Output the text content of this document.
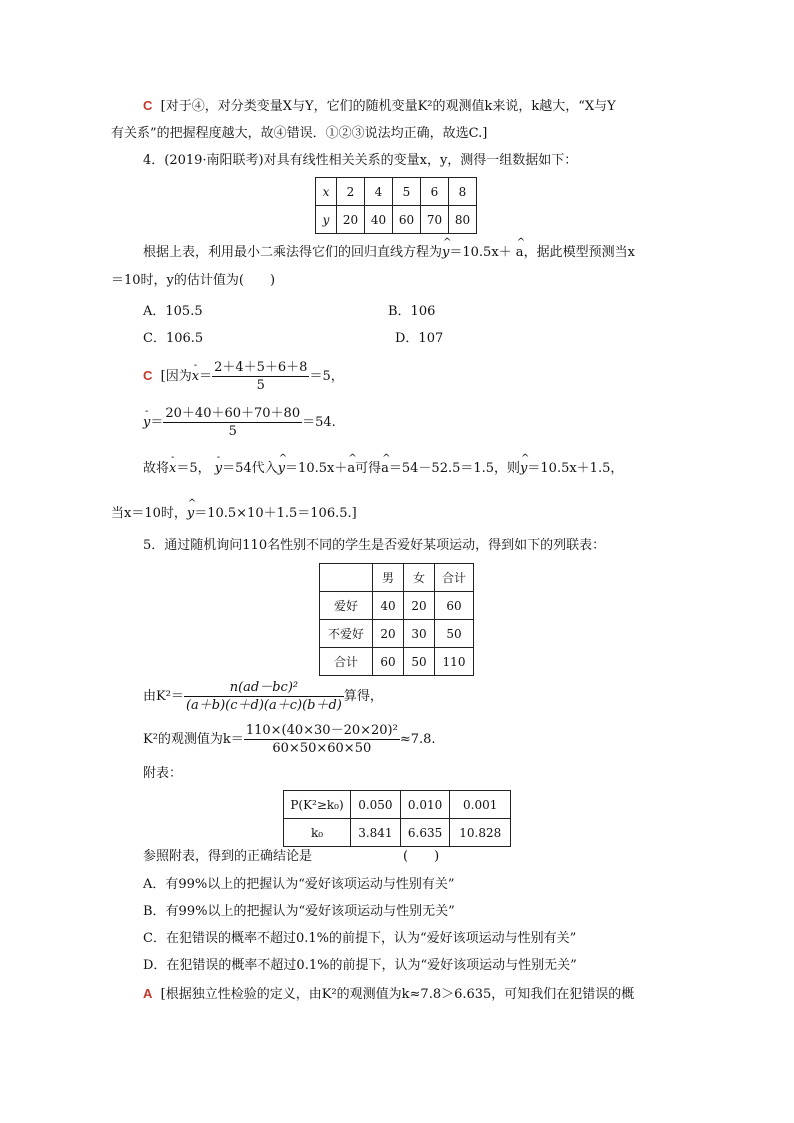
C [对于④，对分类变量X与Y，它们的随机变量K²的观测值k来说，k越大，“X与Y
有关系”的把握程度越大，故④错误．①②③说法均正确，故选C.]
4．(2019·南阳联考)对具有线性相关关系的变量x，y，测得一组数据如下：
x	2	4	5	6	8
y	20	40	60	70	80
根据上表，利用最小二乘法得它们的回归直线方程为^ y＝10.5x＋ ^ a，据此模型预测当x
＝10时，y的估计值为(　　)
A．105.5	B．106
C．106.5	D．107
C [因为- $x= \frac{2+4+5+6+8}{5} =5$，
- $y= \frac{20+40+60+70+80}{5} =54$.
故将- x＝5， - y＝54代入^ y＝10.5x＋^ a可得^ a＝54－52.5＝1.5，则^ y＝10.5x＋1.5，
当x＝10时，^ y＝10.5×10＋1.5＝106.5.]
5．通过随机询问110名性别不同的学生是否爱好某项运动，得到如下的列联表：
	男	女	合计
爱好	40	20	60
不爱好	20	30	50
合计	60	50	110
由$K^2= \frac{\text{n(ad－bc)²}}{(a+b)(c+d)(a+c)(b+d)}$ 算得，
K²的观测值为$k= \frac{\text{110×(40×30－20×20)²}}{60\times 50\times 60\times 50} \approx 7.8$.
附表：
P(K²≥k₀)	0.050	0.010	0.001
k₀	3.841	6.635	10.828
参照附表，得到的正确结论是　　　　　　　(　　)
A．有99%以上的把握认为“爱好该项运动与性别有关”
B．有99%以上的把握认为“爱好该项运动与性别无关”
C．在犯错误的概率不超过0.1%的前提下，认为“爱好该项运动与性别有关”
D．在犯错误的概率不超过0.1%的前提下，认为“爱好该项运动与性别无关”
A [根据独立性检验的定义，由K²的观测值为k≈7.8＞6.635，可知我们在犯错误的概
